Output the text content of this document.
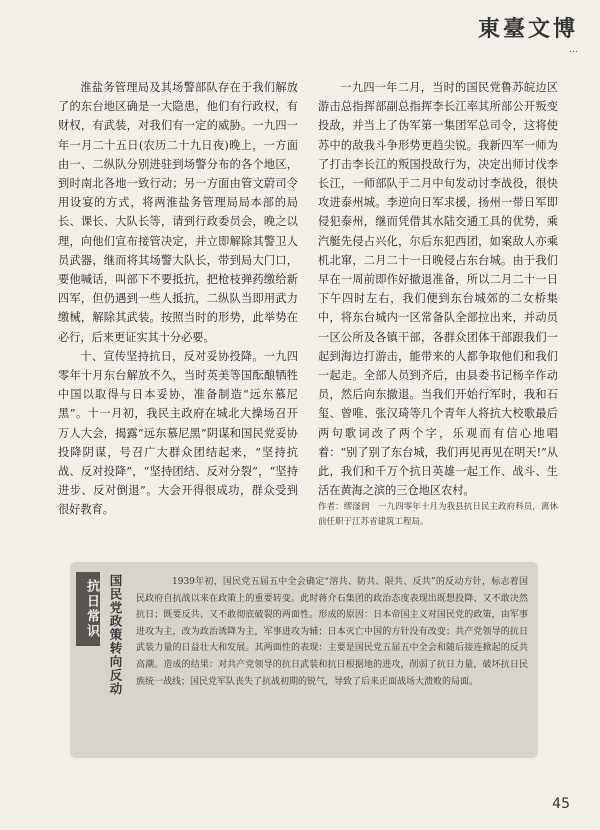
東臺文博
…

淮盐务管理局及其场警部队存在于我们解放了的东台地区确是一大隐患，他们有行政权，有财权，有武装，对我们有一定的威胁。一九四一年一月二十五日(农历二十九日夜)晚上，一方面由一、二纵队分别进驻到场警分布的各个地区，到时南北各地一致行动；另一方面由管文蔚司令用设宴的方式，将两淮盐务管理局局本部的局长、课长、大队长等，请到行政委员会，晚之以理，向他们宣布接管决定，并立即解除其警卫人员武器，继而将其场警大队长，带到局大门口，要他喊话，叫部下不要抵抗，把枪枝弹药缴给新四军，但仍遇到一些人抵抗，二纵队当即用武力缴械，解除其武装。按照当时的形势，此举势在必行，后来更证实其十分必要。

十、宣传坚持抗日，反对妥协投降。一九四零年十月东台解放不久，当时英美等国酝酿牺牲中国以取得与日本妥协，准备制造“远东慕尼黑”。十一月初，我民主政府在城北大操场召开万人大会，揭露“远东慕尼黑”阴谋和国民党妥协投降阴谋，号召广大群众团结起来，“坚持抗战、反对投降”，“坚持团结、反对分裂”，“坚持进步、反对倒退”。大会开得很成功，群众受到很好教育。

一九四一年二月，当时的国民党鲁苏皖边区游击总指挥部副总指挥李长江率其所部公开叛变投敌，并当上了伪军第一集团军总司令，这将使苏中的敌我斗争形势更趋尖锐。我新四军一师为了打击李长江的叛国投敌行为，决定出师讨伐李长江，一师部队于二月中旬发动讨李战役，很快攻进泰州城。李逆向日军求援，扬州一带日军即侵犯泰州，继而凭借其水陆交通工具的优势，乘汽艇先侵占兴化，尔后东犯西团，如案敌人亦乘机北窜，二月二十一日晚侵占东台城。由于我们早在一周前即作好撤退准备，所以二月二十一日下午四时左右，我们便到东台城郊的二女桥集中，将东台城内一区常备队全部拉出来，并动员一区公所及各镇干部，各群众团体干部跟我们一起到海边打游击，能带来的人都争取他们和我们一起走。全部人员到齐后，由县委书记杨辛作动员，然后向东撤退。当我们开始行军时，我和石玺、曾唯、张汉琦等几个青年人将抗大校歌最后两句歌词改了两个字，乐观而有信心地唱着：“别了别了东台城，我们再见再见在明天!”从此，我们和千万个抗日英雄一起工作、战斗、生活在黄海之滨的三仓地区农村。

作者：缪滏润　一九四零年十月为我县抗日民主政府科员，离休前任职于江苏省建筑工程局。

抗日常识 国民党政策转向反动	1939年初，国民党五届五中全会确定“溶共、防共、限共、反共”的反动方针，标志着国民政府自抗战以来在政策上的重要转变。此时蒋介石集团的政治态度表现出既想投降、又不敢决然抗日；既要反共、又不敢彻底破裂的两面性。形成的原因：日本帝国主义对国民党的政策，由军事进攻为主，改为政治诱降为主，军事进攻为辅；日本灭亡中国的方针没有改变；共产党领导的抗日武装力量的日益壮大和发展。其两面性的表现：主要是国民党五届五中全会和随后接连掀起的反共高潮。造成的结果：对共产党领导的抗日武装和抗日根据地的进攻，削弱了抗日力量，破坏抗日民族统一战线；国民党军队丧失了抗战初期的锐气，导致了后来正面战场大溃败的局面。

45
